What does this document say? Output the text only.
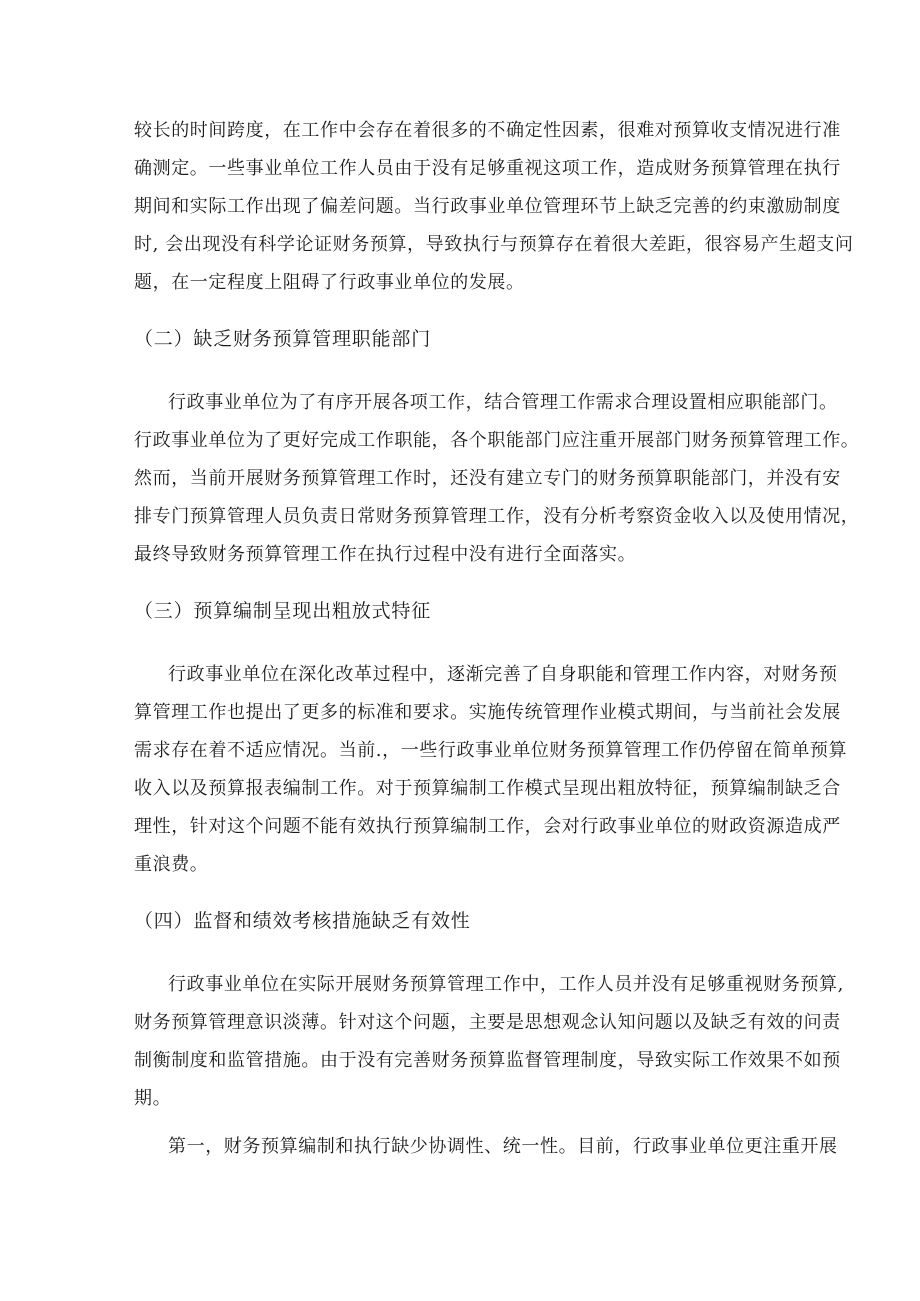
较长的时间跨度，在工作中会存在着很多的不确定性因素，很难对预算收支情况进行准
确测定。一些事业单位工作人员由于没有足够重视这项工作，造成财务预算管理在执行
期间和实际工作出现了偏差问题。当行政事业单位管理环节上缺乏完善的约束激励制度
时, 会出现没有科学论证财务预算，导致执行与预算存在着很大差距，很容易产生超支问
题，在一定程度上阻碍了行政事业单位的发展。
（二）缺乏财务预算管理职能部门
行政事业单位为了有序开展各项工作，结合管理工作需求合理设置相应职能部门。
行政事业单位为了更好完成工作职能，各个职能部门应注重开展部门财务预算管理工作。
然而，当前开展财务预算管理工作时，还没有建立专门的财务预算职能部门，并没有安
排专门预算管理人员负责日常财务预算管理工作，没有分析考察资金收入以及使用情况，
最终导致财务预算管理工作在执行过程中没有进行全面落实。
（三）预算编制呈现出粗放式特征
行政事业单位在深化改革过程中，逐渐完善了自身职能和管理工作内容，对财务预
算管理工作也提出了更多的标准和要求。实施传统管理作业模式期间，与当前社会发展
需求存在着不适应情况。当前.，一些行政事业单位财务预算管理工作仍停留在简单预算
收入以及预算报表编制工作。对于预算编制工作模式呈现出粗放特征，预算编制缺乏合
理性，针对这个问题不能有效执行预算编制工作，会对行政事业单位的财政资源造成严
重浪费。
（四）监督和绩效考核措施缺乏有效性
行政事业单位在实际开展财务预算管理工作中，工作人员并没有足够重视财务预算,
财务预算管理意识淡薄。针对这个问题，主要是思想观念认知问题以及缺乏有效的问责
制衡制度和监管措施。由于没有完善财务预算监督管理制度，导致实际工作效果不如预
期。
第一，财务预算编制和执行缺少协调性、统一性。目前，行政事业单位更注重开展
